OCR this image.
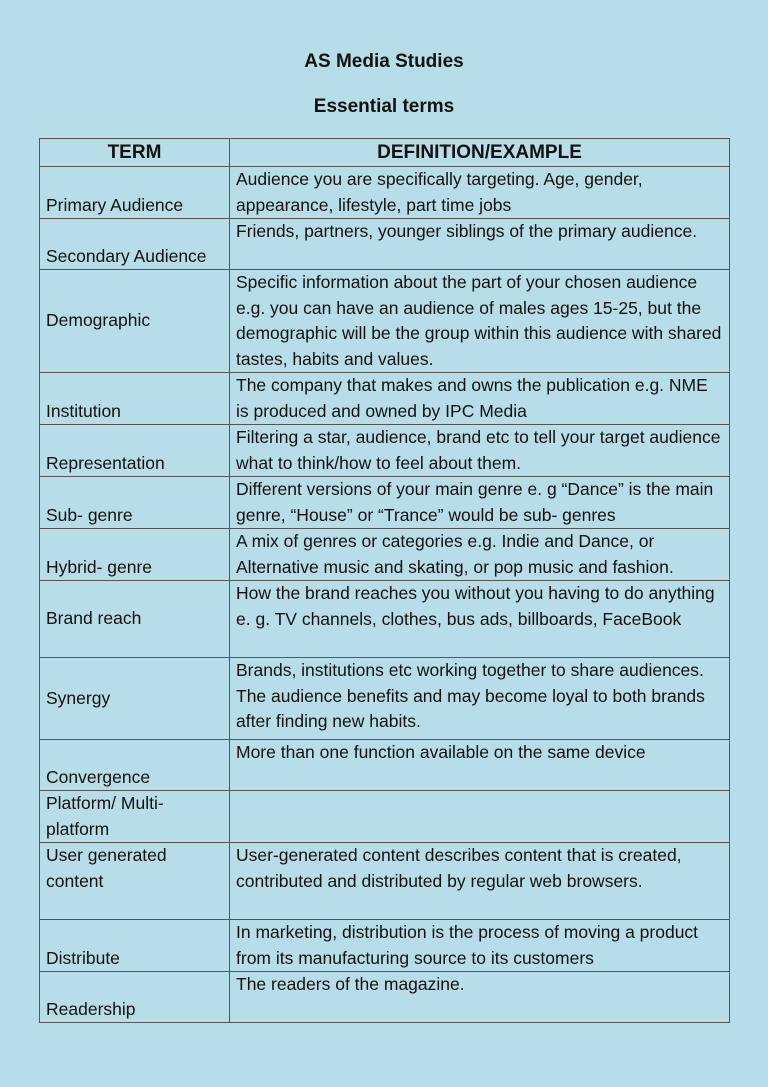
AS Media Studies
Essential terms
TERM	DEFINITION/EXAMPLE
Primary Audience	Audience you are specifically targeting. Age, gender, appearance, lifestyle, part time jobs
Secondary Audience	Friends, partners, younger siblings of the primary audience.
Demographic	Specific information about the part of your chosen audience e.g. you can have an audience of males ages 15-25, but the demographic will be the group within this audience with shared tastes, habits and values.
Institution	The company that makes and owns the publication e.g. NME is produced and owned by IPC Media
Representation	Filtering a star, audience, brand etc to tell your target audience what to think/how to feel about them.
Sub- genre	Different versions of your main genre e. g “Dance” is the main genre, “House” or “Trance” would be sub- genres
Hybrid- genre	A mix of genres or categories e.g. Indie and Dance, or Alternative music and skating, or pop music and fashion.
Brand reach	How the brand reaches you without you having to do anything e. g. TV channels, clothes, bus ads, billboards, FaceBook
Synergy	Brands, institutions etc working together to share audiences. The audience benefits and may become loyal to both brands after finding new habits.
Convergence	More than one function available on the same device
Platform/ Multi-platform	
User generated content	User-generated content describes content that is created, contributed and distributed by regular web browsers.
Distribute	In marketing, distribution is the process of moving a product from its manufacturing source to its customers
Readership	The readers of the magazine.
